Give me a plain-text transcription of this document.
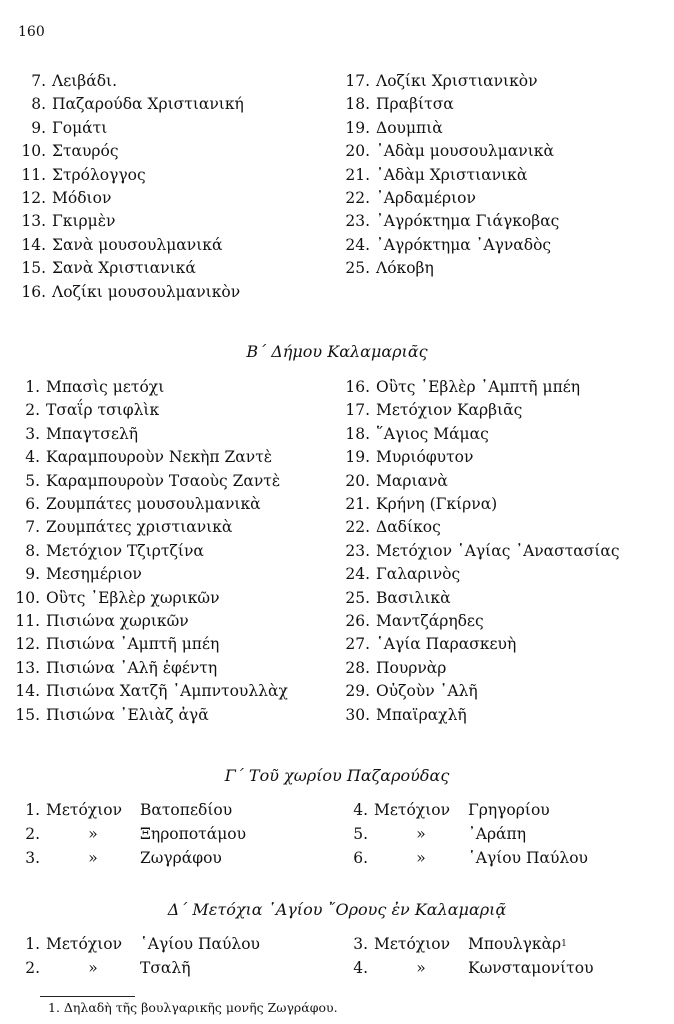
160
7. Λειβάδι.
8. Παζαρούδα Χριστιανική
9. Γομάτι
10. Σταυρός
11. Στρόλογγος
12. Μόδιον
13. Γκιρμὲν
14. Σανὰ μουσουλμανικά
15. Σανὰ Χριστιανικά
16. Λοζίκι μουσουλμανικὸν
17. Λοζίκι Χριστιανικὸν
18. Πραβίτσα
19. Δουμπιὰ
20. ᾿Αδὰμ μουσουλμανικὰ
21. ᾿Αδὰμ Χριστιανικὰ
22. ᾿Αρδαμέριον
23. ᾿Αγρόκτημα Γιάγκοβας
24. ᾿Αγρόκτημα ᾿Αγναδὸς
25. Λόκοβη
Β΄ Δήμου Καλαμαριᾶς
1. Μπασὶς μετόχι
2. Τσαΐρ τσιφλὶκ
3. Μπαγτσελῆ
4. Καραμπουροὺν Νεκὴπ Ζαντὲ
5. Καραμπουροὺν Τσαοὺς Ζαντὲ
6. Ζουμπάτες μουσουλμανικὰ
7. Ζουμπάτες χριστιανικὰ
8. Μετόχιον Τζιρτζίνα
9. Μεσημέριον
10. Οὒτς ᾿Εβλὲρ χωρικῶν
11. Πισιώνα χωρικῶν
12. Πισιώνα ᾿Αμπτῆ μπέη
13. Πισιώνα ᾿Αλῆ ἐφέντη
14. Πισιώνα Χατζῆ ᾿Αμπντουλλὰχ
15. Πισιώνα ᾿Ελιὰζ ἀγᾶ
16. Οὒτς ᾿Εβλὲρ ᾿Αμπτῆ μπέη
17. Μετόχιον Καρβιᾶς
18. ῞Αγιος Μάμας
19. Μυριόφυτον
20. Μαριανὰ
21. Κρήνη (Γκίρνα)
22. Δαδίκος
23. Μετόχιον ῾Αγίας ᾿Αναστασίας
24. Γαλαρινὸς
25. Βασιλικὰ
26. Μαντζάρηδες
27. ῾Αγία Παρασκευὴ
28. Πουρνὰρ
29. Οὐζοὺν ᾿Αλῆ
30. Μπαϊραχλῆ
Γ΄ Τοῦ χωρίου Παζαρούδας
1. Μετόχιον	Βατοπεδίου
2.	»	Ξηροποτάμου
3.	»	Ζωγράφου
4. Μετόχιον	Γρηγορίου
5.	»	᾿Αράπη
6.	»	῾Αγίου Παύλου
Δ΄ Μετόχια ῾Αγίου ῎Ορους ἐν Καλαμαριᾷ
1. Μετόχιον	῾Αγίου Παύλου
2.	»	Τσαλῆ
3. Μετόχιον	Μπουλγκὰρ 1
4.	»	Κωνσταμονίτου
1. Δηλαδὴ τῆς βουλγαρικῆς μονῆς Ζωγράφου.
